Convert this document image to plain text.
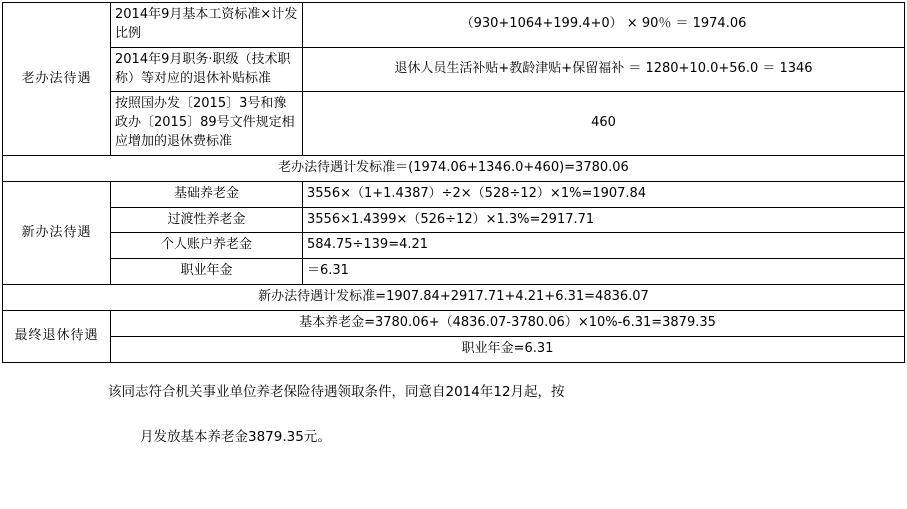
老办法待遇	2014年9月基本工资标准×计发比例	（930+1064+199.4+0） × 90％ ＝ 1974.06
	2014年9月职务·职级（技术职称）等对应的退休补贴标准	退休人员生活补贴+教龄津贴+保留福补 ＝ 1280+10.0+56.0 ＝ 1346
	按照国办发〔2015〕3号和豫政办〔2015〕89号文件规定相应增加的退休费标准	460
老办法待遇计发标准＝(1974.06+1346.0+460)=3780.06		
新办法待遇	基础养老金	3556×（1+1.4387）÷2×（528÷12）×1%=1907.84
	过渡性养老金	3556×1.4399×（526÷12）×1.3%=2917.71
	个人账户养老金	584.75÷139=4.21
	职业年金	＝6.31
新办法待遇计发标准=1907.84+2917.71+4.21+6.31=4836.07		
最终退休待遇	基本养老金=3780.06+（4836.07-3780.06）×10%-6.31=3879.35	
	职业年金=6.31	
该同志符合机关事业单位养老保险待遇领取条件，同意自2014年12月起，按
月发放基本养老金3879.35元。
